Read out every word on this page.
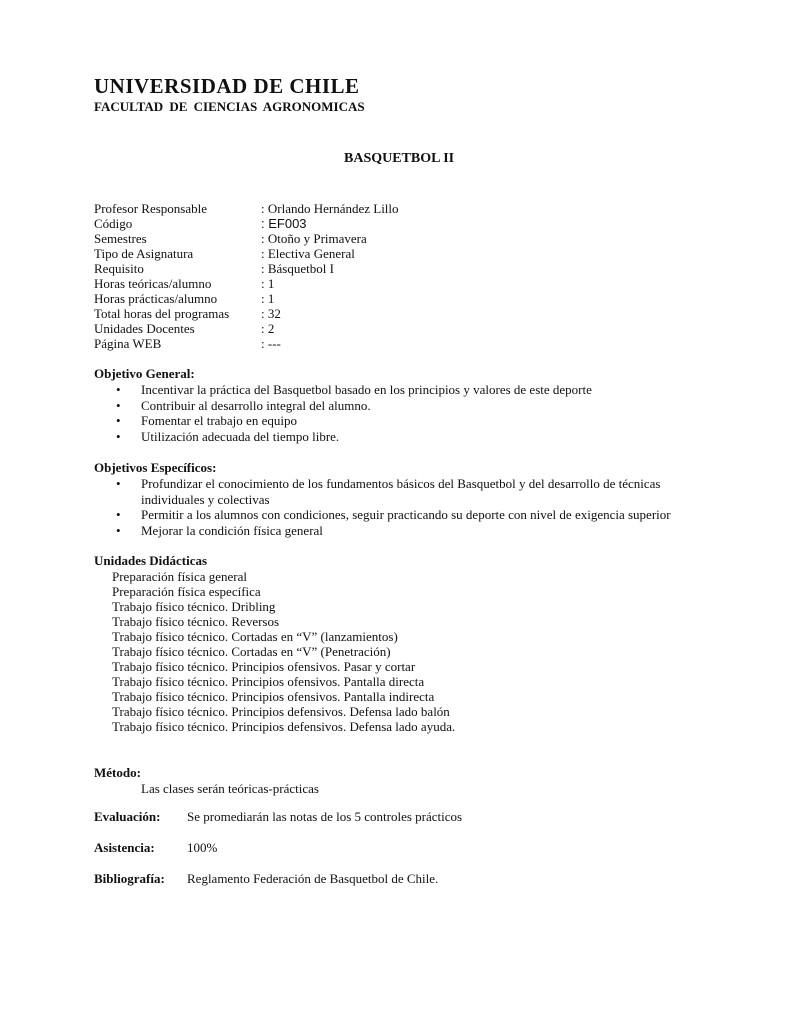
UNIVERSIDAD DE CHILE
FACULTAD DE CIENCIAS AGRONOMICAS
BASQUETBOL II
Profesor Responsable	: Orlando Hernández Lillo
Código	: EF003
Semestres	: Otoño y Primavera
Tipo de Asignatura	: Electiva General
Requisito	: Básquetbol I
Horas teóricas/alumno	: 1
Horas prácticas/alumno	: 1
Total horas del programas	: 32
Unidades Docentes	: 2
Página WEB	: ---
Objetivo General:
• Incentivar la práctica del Basquetbol basado en los principios y valores de este deporte
• Contribuir al desarrollo integral del alumno.
• Fomentar el trabajo en equipo
• Utilización adecuada del tiempo libre.
Objetivos Específicos:
• Profundizar el conocimiento de los fundamentos básicos del Basquetbol y del desarrollo de técnicas individuales y colectivas
• Permitir a los alumnos con condiciones, seguir practicando su deporte con nivel de exigencia superior
• Mejorar la condición física general
Unidades Didácticas
Preparación física general
Preparación física específica
Trabajo físico técnico. Dribling
Trabajo físico técnico. Reversos
Trabajo físico técnico. Cortadas en “V” (lanzamientos)
Trabajo físico técnico. Cortadas en “V” (Penetración)
Trabajo físico técnico. Principios ofensivos. Pasar y cortar
Trabajo físico técnico. Principios ofensivos. Pantalla directa
Trabajo físico técnico. Principios ofensivos. Pantalla indirecta
Trabajo físico técnico. Principios defensivos. Defensa lado balón
Trabajo físico técnico. Principios defensivos. Defensa lado ayuda.
Método:
Las clases serán teóricas-prácticas
Evaluación:	Se promediarán las notas de los 5 controles prácticos
Asistencia:	100%
Bibliografía:	Reglamento Federación de Basquetbol de Chile.
